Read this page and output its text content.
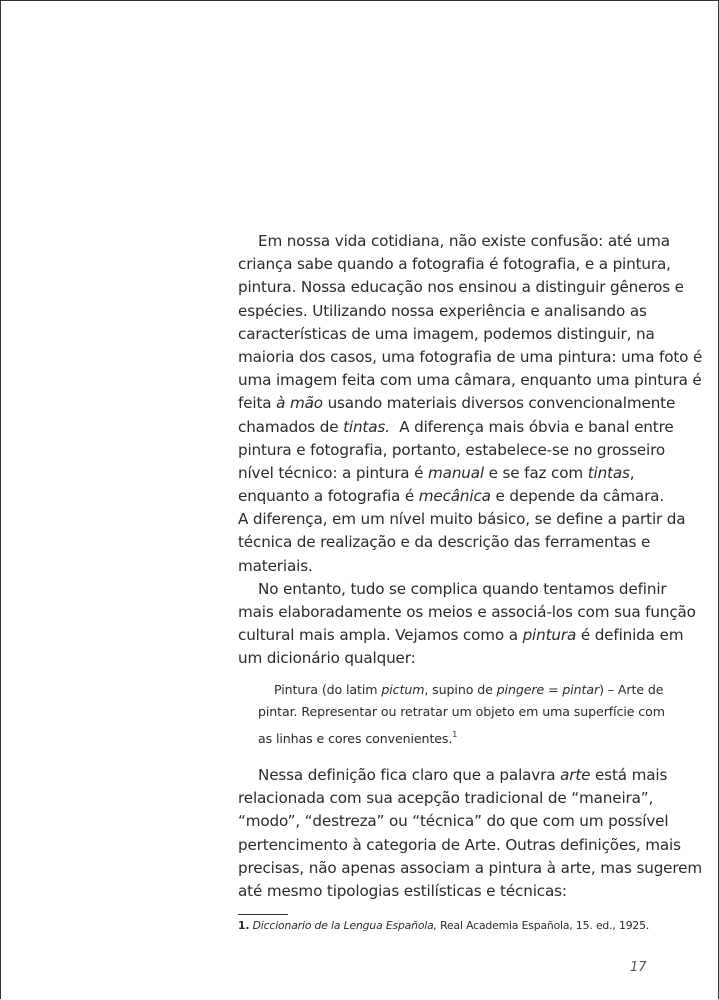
Em nossa vida cotidiana, não existe confusão: até uma
criança sabe quando a fotografia é fotografia, e a pintura,
pintura. Nossa educação nos ensinou a distinguir gêneros e
espécies. Utilizando nossa experiência e analisando as
características de uma imagem, podemos distinguir, na
maioria dos casos, uma fotografia de uma pintura: uma foto é
uma imagem feita com uma câmara, enquanto uma pintura é
feita à mão usando materiais diversos convencionalmente
chamados de tintas.  A diferença mais óbvia e banal entre
pintura e fotografia, portanto, estabelece-se no grosseiro
nível técnico: a pintura é manual e se faz com tintas,
enquanto a fotografia é mecânica e depende da câmara.
A diferença, em um nível muito básico, se define a partir da
técnica de realização e da descrição das ferramentas e
materiais.
No entanto, tudo se complica quando tentamos definir
mais elaboradamente os meios e associá-los com sua função
cultural mais ampla. Vejamos como a pintura é definida em
um dicionário qualquer:
Pintura (do latim pictum, supino de pingere = pintar) – Arte de
pintar. Representar ou retratar um objeto em uma superfície com
as linhas e cores convenientes.$^1$
Nessa definição fica claro que a palavra arte está mais
relacionada com sua acepção tradicional de “maneira”,
“modo”, “destreza” ou “técnica” do que com um possível
pertencimento à categoria de Arte. Outras definições, mais
precisas, não apenas associam a pintura à arte, mas sugerem
até mesmo tipologias estilísticas e técnicas:
1. Diccionario de la Lengua Española, Real Academia Española, 15. ed., 1925.
17
